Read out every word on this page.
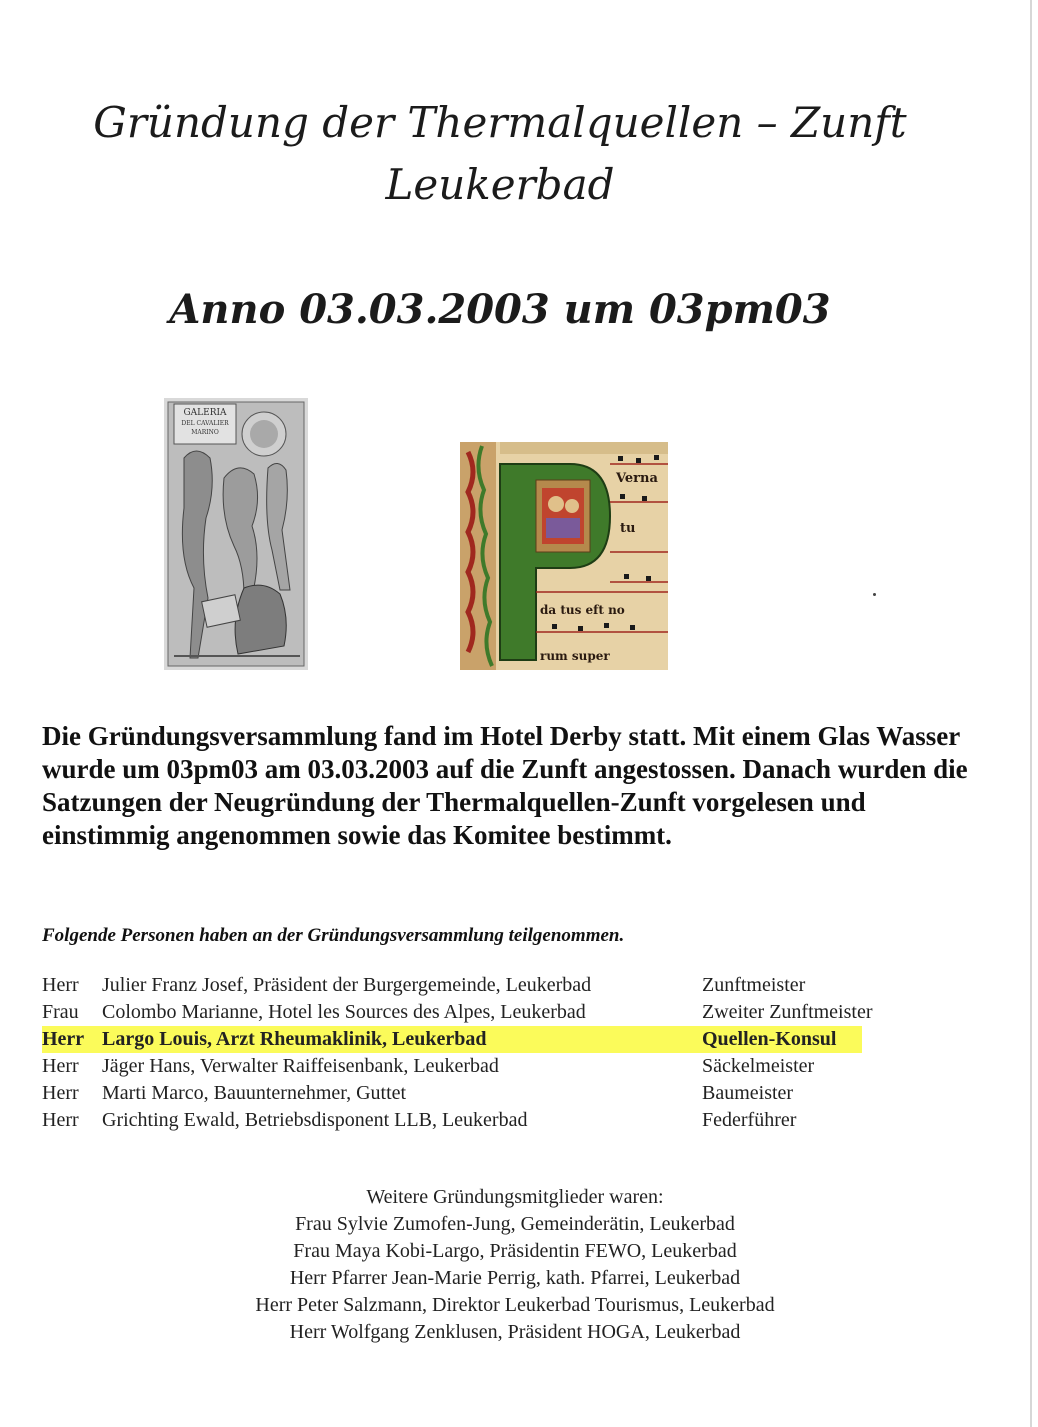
Gründung der Thermalquellen – Zunft
Leukerbad
Anno 03.03.2003 um 03pm03
GALERIA
DEL CAVALIER
MARINO
Verna
tu
da tus eft no
rum super
Die Gründungsversammlung fand im Hotel Derby statt. Mit einem Glas Wasser wurde um 03pm03 am 03.03.2003 auf die Zunft angestossen. Danach wurden die Satzungen der Neugründung der Thermalquellen-Zunft vorgelesen und einstimmig angenommen sowie das Komitee bestimmt.
Folgende Personen haben an der Gründungsversammlung teilgenommen.
Herr Julier Franz Josef, Präsident der Burgergemeinde, Leukerbad	Zunftmeister
Frau Colombo Marianne, Hotel les Sources des Alpes, Leukerbad	Zweiter Zunftmeister
Herr Largo Louis, Arzt Rheumaklinik, Leukerbad	Quellen-Konsul
Herr Jäger Hans, Verwalter Raiffeisenbank, Leukerbad	Säckelmeister
Herr Marti Marco, Bauunternehmer, Guttet	Baumeister
Herr Grichting Ewald, Betriebsdisponent LLB, Leukerbad	Federführer
Weitere Gründungsmitglieder waren:
Frau Sylvie Zumofen-Jung, Gemeinderätin, Leukerbad
Frau Maya Kobi-Largo, Präsidentin FEWO, Leukerbad
Herr Pfarrer Jean-Marie Perrig, kath. Pfarrei, Leukerbad
Herr Peter Salzmann, Direktor Leukerbad Tourismus, Leukerbad
Herr Wolfgang Zenklusen, Präsident HOGA, Leukerbad
